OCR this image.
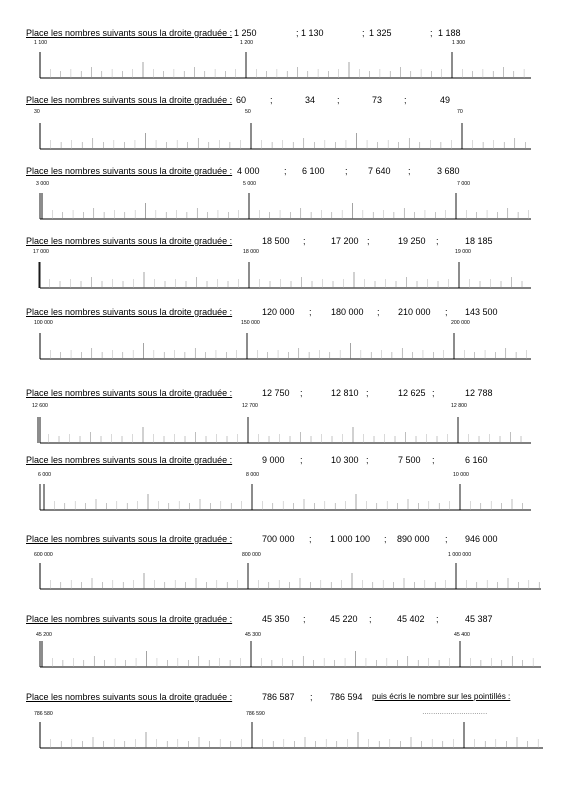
Place les nombres suivants sous la droite graduée : 1 250	1 130	1 325	1 188
;	;	;
1 100	1 200	1 300
Place les nombres suivants sous la droite graduée : 60	34	73	49
;	;	;
30	50	70
Place les nombres suivants sous la droite graduée : 4 000	6 100	7 640	3 680
;	;	;
3 000	5 000	7 000
Place les nombres suivants sous la droite graduée :	18 500	17 200	19 250	18 185
;	;	;
17 000	18 000	19 000
Place les nombres suivants sous la droite graduée :	120 000	180 000	210 000	143 500
;	;	;
100 000	150 000	200 000
Place les nombres suivants sous la droite graduée :	12 750	12 810	12 625	12 788
;	;	;
12 600	12 700	12 800
Place les nombres suivants sous la droite graduée :	9 000	10 300	7 500	6 160
;	;	;
6 000	8 000	10 000
Place les nombres suivants sous la droite graduée :	700 000	1 000 100	890 000	946 000
;	;	;
600 000	800 000	1 000 000
Place les nombres suivants sous la droite graduée :	45 350	45 220	45 402	45 387
;	;	;
45 200	45 300	45 400
Place les nombres suivants sous la droite graduée :	786 587	786 594
;	puis écris le nombre sur les pointillés :
…………………………
786 580	786 590
